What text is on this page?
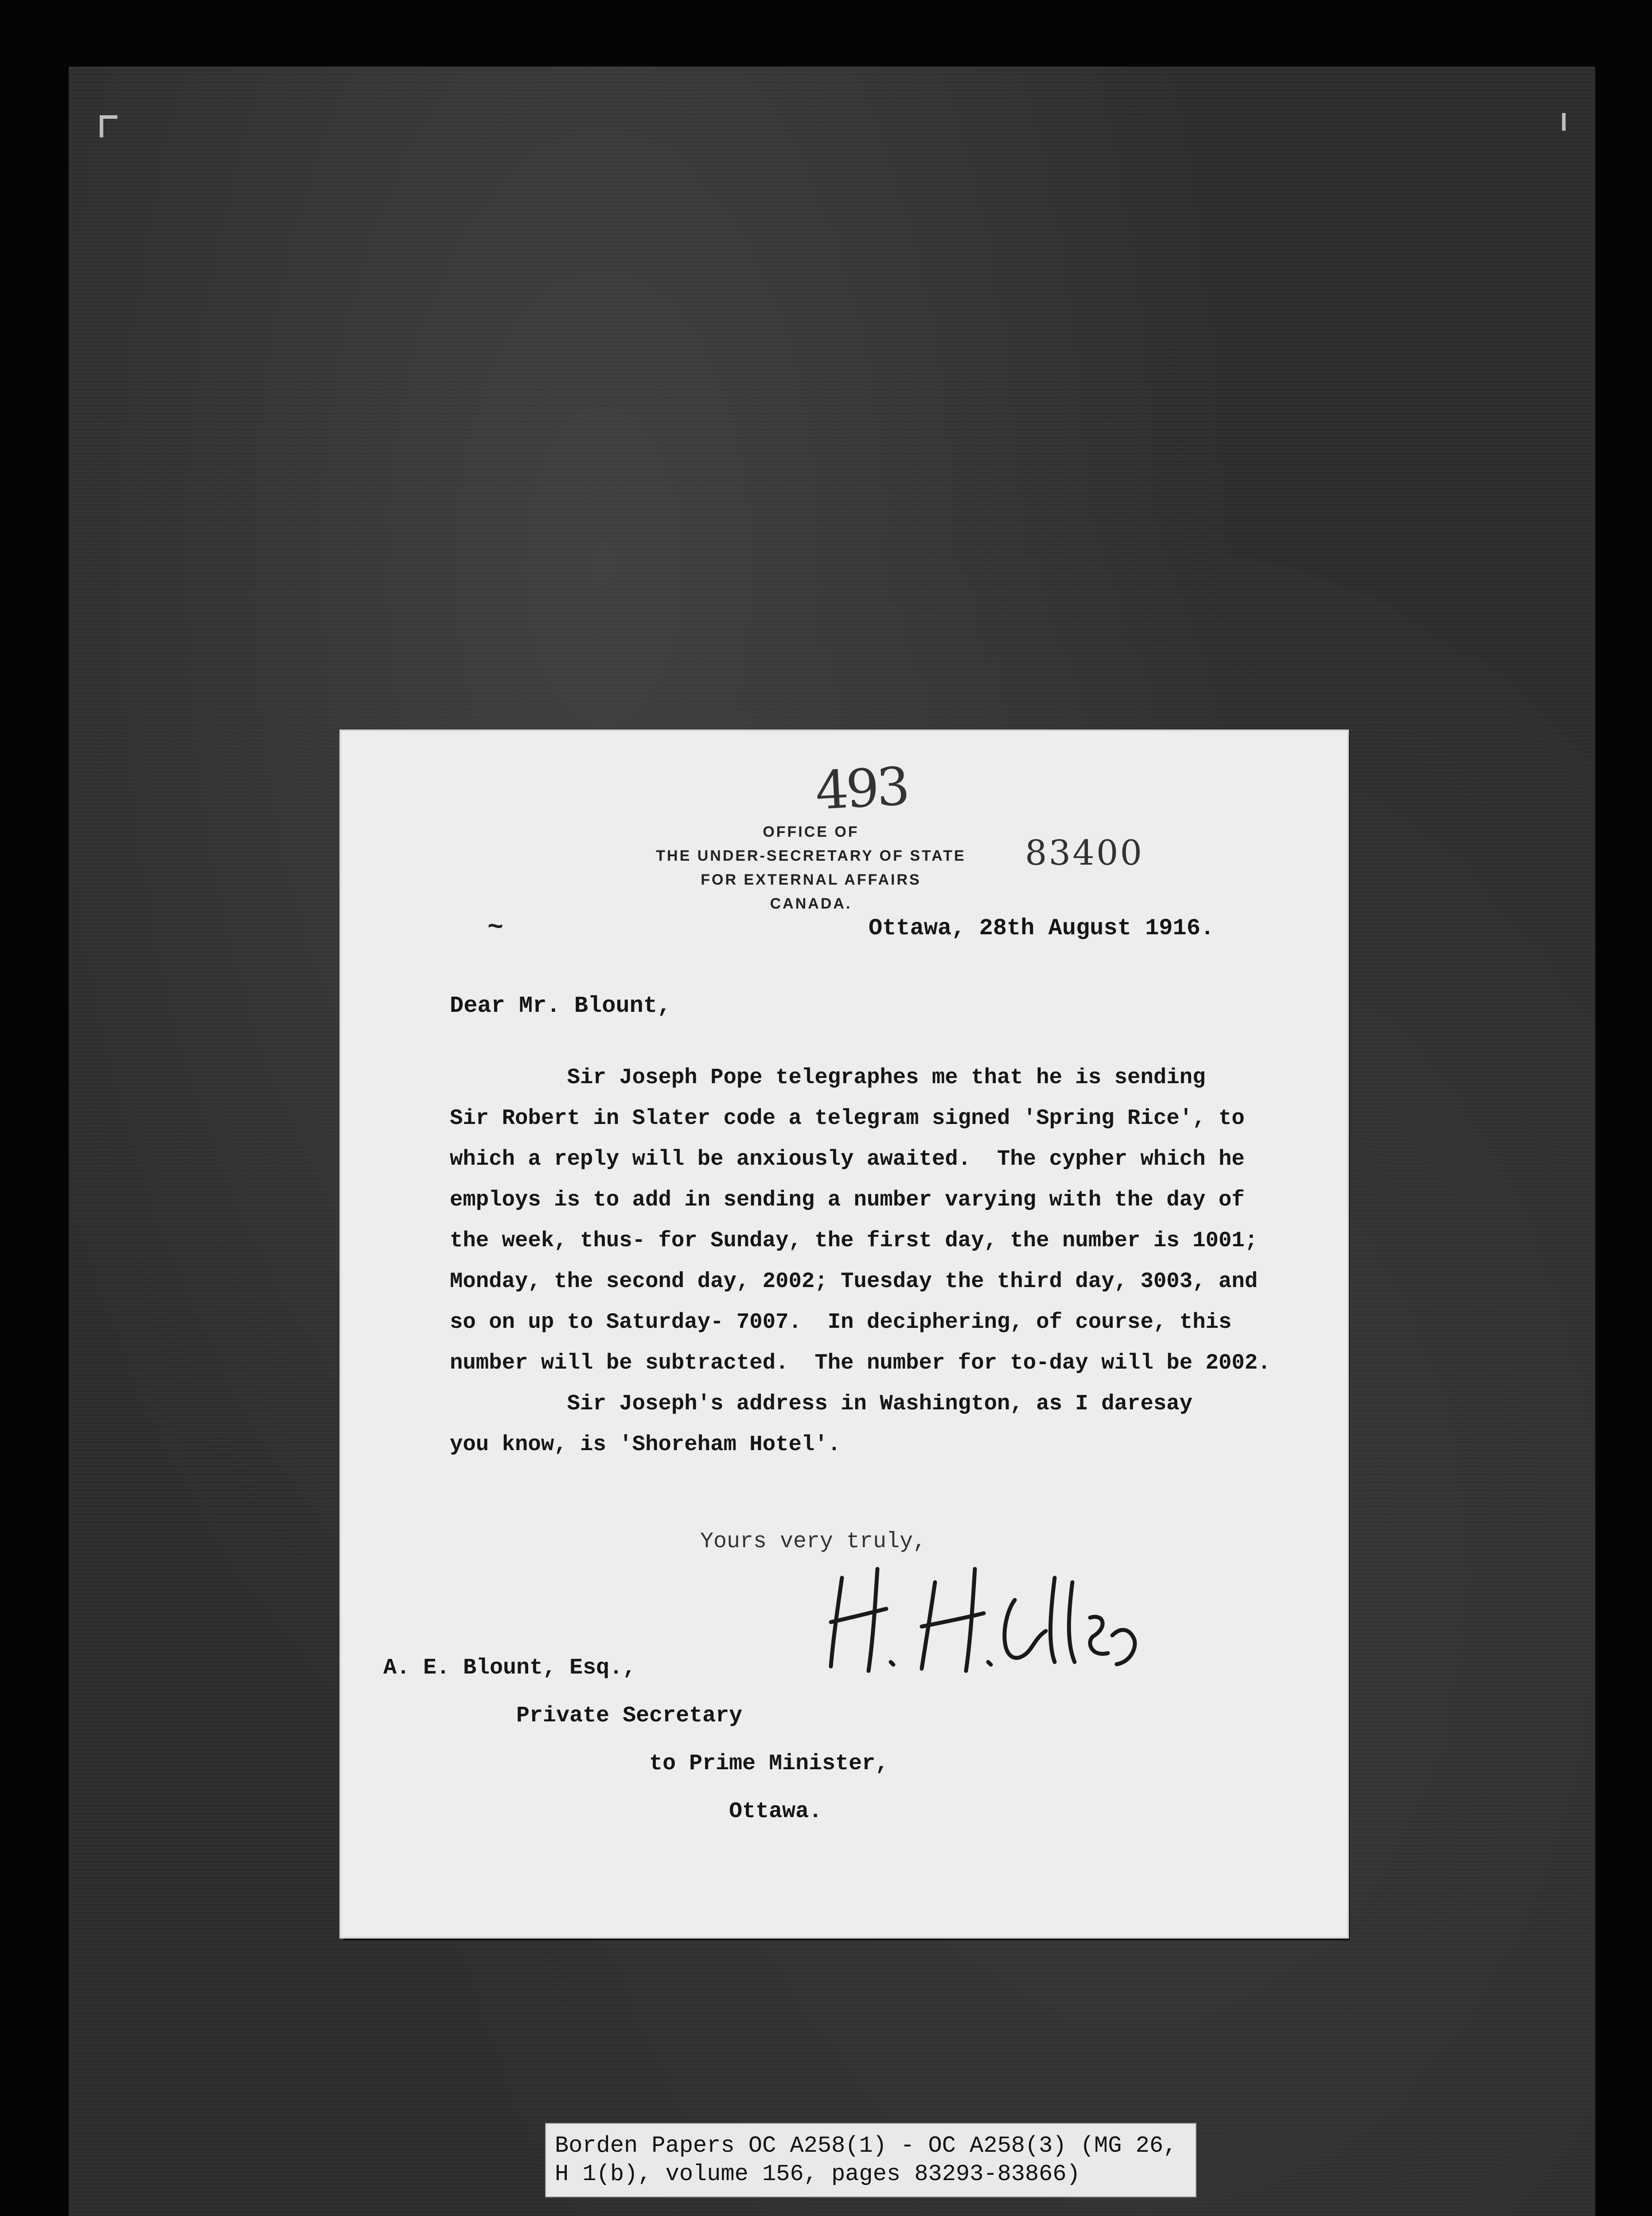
493
OFFICE OF
THE UNDER-SECRETARY OF STATE
FOR EXTERNAL AFFAIRS
CANADA.
83400
~	Ottawa, 28th August 1916.
Dear Mr. Blount,

Sir Joseph Pope telegraphes me that he is sending

Sir Robert in Slater code a telegram signed 'Spring Rice', to

which a reply will be anxiously awaited.  The cypher which he

employs is to add in sending a number varying with the day of

the week, thus- for Sunday, the first day, the number is 1001;

Monday, the second day, 2002; Tuesday the third day, 3003, and

so on up to Saturday- 7007.  In deciphering, of course, this

number will be subtracted.  The number for to-day will be 2002.

Sir Joseph's address in Washington, as I daresay

you know, is 'Shoreham Hotel'.

Yours very truly,
A. E. Blount, Esq.,
Private Secretary
to Prime Minister,
Ottawa.
Borden Papers OC A258(1) - OC A258(3) (MG 26,
H 1(b), volume 156, pages 83293-83866)
